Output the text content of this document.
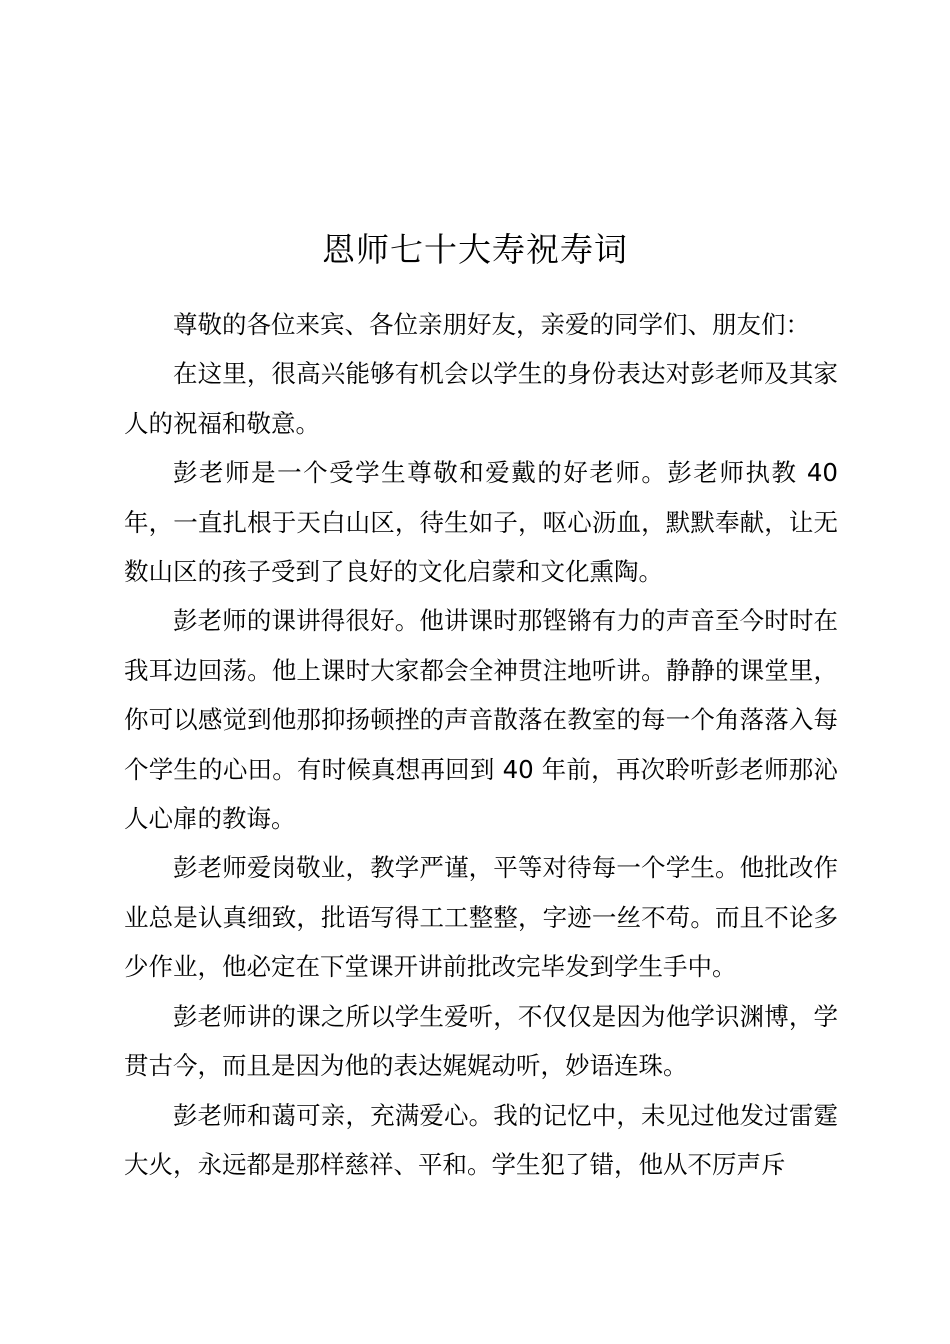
恩师七十大寿祝寿词

尊敬的各位来宾、各位亲朋好友，亲爱的同学们、朋友们：

在这里，很高兴能够有机会以学生的身份表达对彭老师及其家人的祝福和敬意。

彭老师是一个受学生尊敬和爱戴的好老师。彭老师执教 40 年，一直扎根于天白山区，待生如子，呕心沥血，默默奉献，让无数山区的孩子受到了良好的文化启蒙和文化熏陶。

彭老师的课讲得很好。他讲课时那铿锵有力的声音至今时时在我耳边回荡。他上课时大家都会全神贯注地听讲。静静的课堂里，你可以感觉到他那抑扬顿挫的声音散落在教室的每一个角落落入每个学生的心田。有时候真想再回到 40 年前，再次聆听彭老师那沁人心扉的教诲。

彭老师爱岗敬业，教学严谨，平等对待每一个学生。他批改作业总是认真细致，批语写得工工整整，字迹一丝不苟。而且不论多少作业，他必定在下堂课开讲前批改完毕发到学生手中。

彭老师讲的课之所以学生爱听，不仅仅是因为他学识渊博，学贯古今，而且是因为他的表达娓娓动听，妙语连珠。

彭老师和蔼可亲，充满爱心。我的记忆中，未见过他发过雷霆大火，永远都是那样慈祥、平和。学生犯了错，他从不厉声斥
